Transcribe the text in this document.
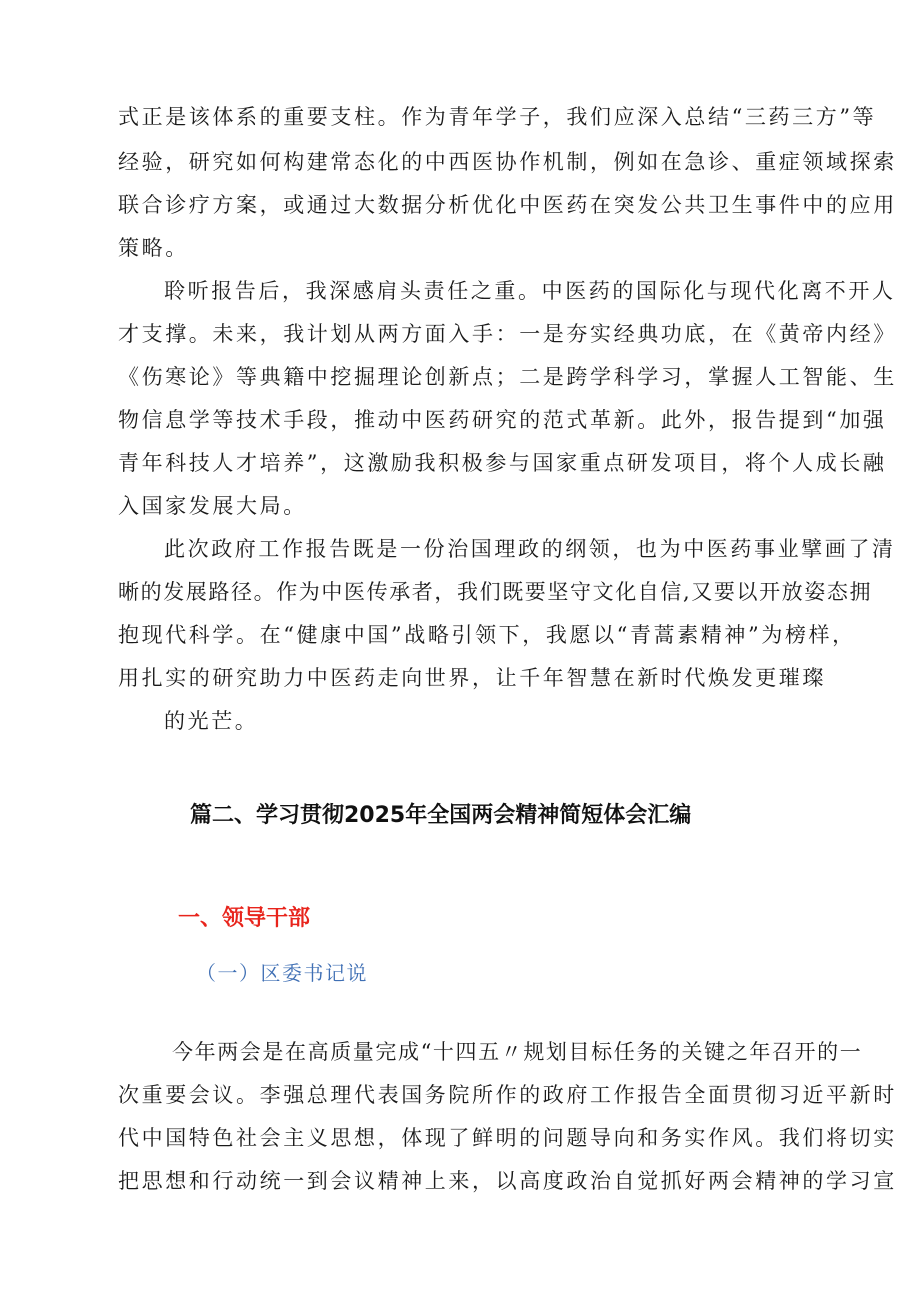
式正是该体系的重要支柱。作为青年学子，我们应深入总结“三药三方”等
经验，研究如何构建常态化的中西医协作机制，例如在急诊、重症领域探索
联合诊疗方案，或通过大数据分析优化中医药在突发公共卫生事件中的应用
策略。
聆听报告后，我深感肩头责任之重。中医药的国际化与现代化离不开人
才支撑。未来，我计划从两方面入手：一是夯实经典功底，在《黄帝内经》
《伤寒论》等典籍中挖掘理论创新点；二是跨学科学习，掌握人工智能、生
物信息学等技术手段，推动中医药研究的范式革新。此外，报告提到“加强
青年科技人才培养”，这激励我积极参与国家重点研发项目，将个人成长融
入国家发展大局。
此次政府工作报告既是一份治国理政的纲领，也为中医药事业擘画了清
晰的发展路径。作为中医传承者，我们既要坚守文化自信,又要以开放姿态拥
抱现代科学。在“健康中国”战略引领下，我愿以“青蒿素精神”为榜样，
用扎实的研究助力中医药走向世界，让千年智慧在新时代焕发更璀璨
的光芒。
篇二、学习贯彻2025年全国两会精神简短体会汇编
一、领导干部
（一）区委书记说
今年两会是在高质量完成“十四五〃规划目标任务的关键之年召开的一
次重要会议。李强总理代表国务院所作的政府工作报告全面贯彻习近平新时
代中国特色社会主义思想，体现了鲜明的问题导向和务实作风。我们将切实
把思想和行动统一到会议精神上来，以高度政治自觉抓好两会精神的学习宣
